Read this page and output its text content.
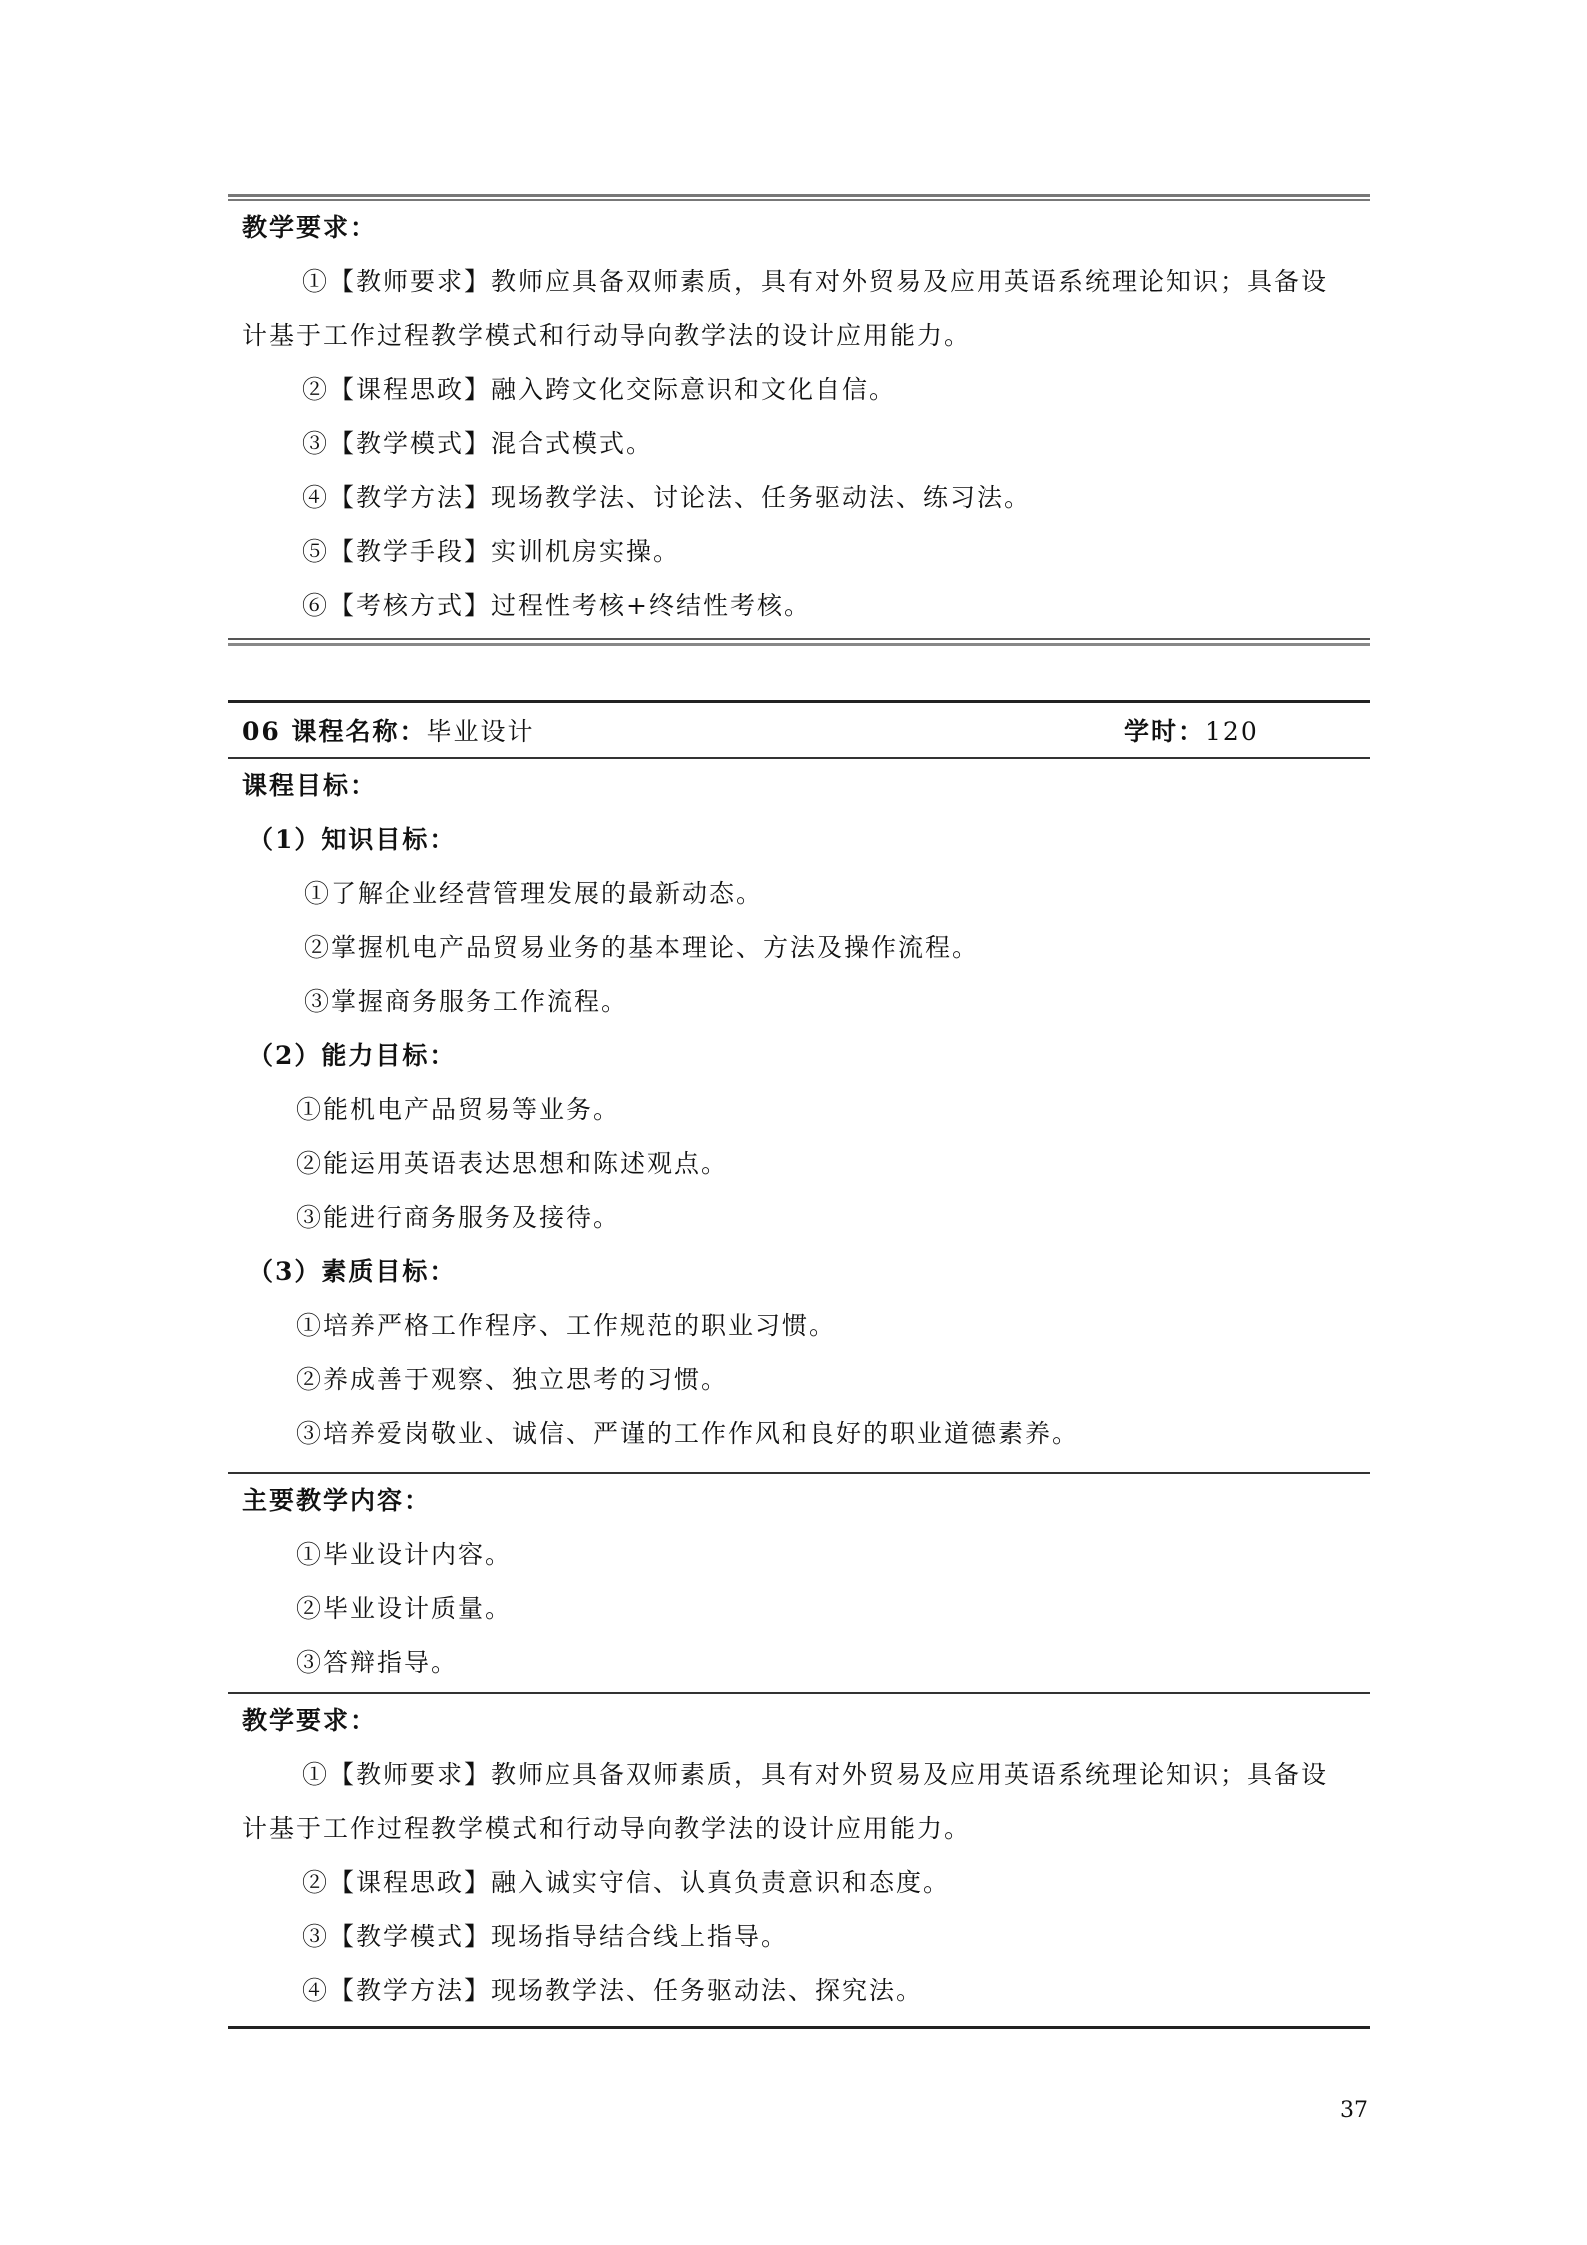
教学要求：
①【教师要求】教师应具备双师素质，具有对外贸易及应用英语系统理论知识；具备设
计基于工作过程教学模式和行动导向教学法的设计应用能力。
②【课程思政】融入跨文化交际意识和文化自信。
③【教学模式】混合式模式。
④【教学方法】现场教学法、讨论法、任务驱动法、练习法。
⑤【教学手段】实训机房实操。
⑥【考核方式】过程性考核+终结性考核。
06 课程名称：毕业设计	学时：120
课程目标：
（1）知识目标：
①了解企业经营管理发展的最新动态。
②掌握机电产品贸易业务的基本理论、方法及操作流程。
③掌握商务服务工作流程。
（2）能力目标：
①能机电产品贸易等业务。
②能运用英语表达思想和陈述观点。
③能进行商务服务及接待。
（3）素质目标：
①培养严格工作程序、工作规范的职业习惯。
②养成善于观察、独立思考的习惯。
③培养爱岗敬业、诚信、严谨的工作作风和良好的职业道德素养。
主要教学内容：
①毕业设计内容。
②毕业设计质量。
③答辩指导。
教学要求：
①【教师要求】教师应具备双师素质，具有对外贸易及应用英语系统理论知识；具备设
计基于工作过程教学模式和行动导向教学法的设计应用能力。
②【课程思政】融入诚实守信、认真负责意识和态度。
③【教学模式】现场指导结合线上指导。
④【教学方法】现场教学法、任务驱动法、探究法。
37
